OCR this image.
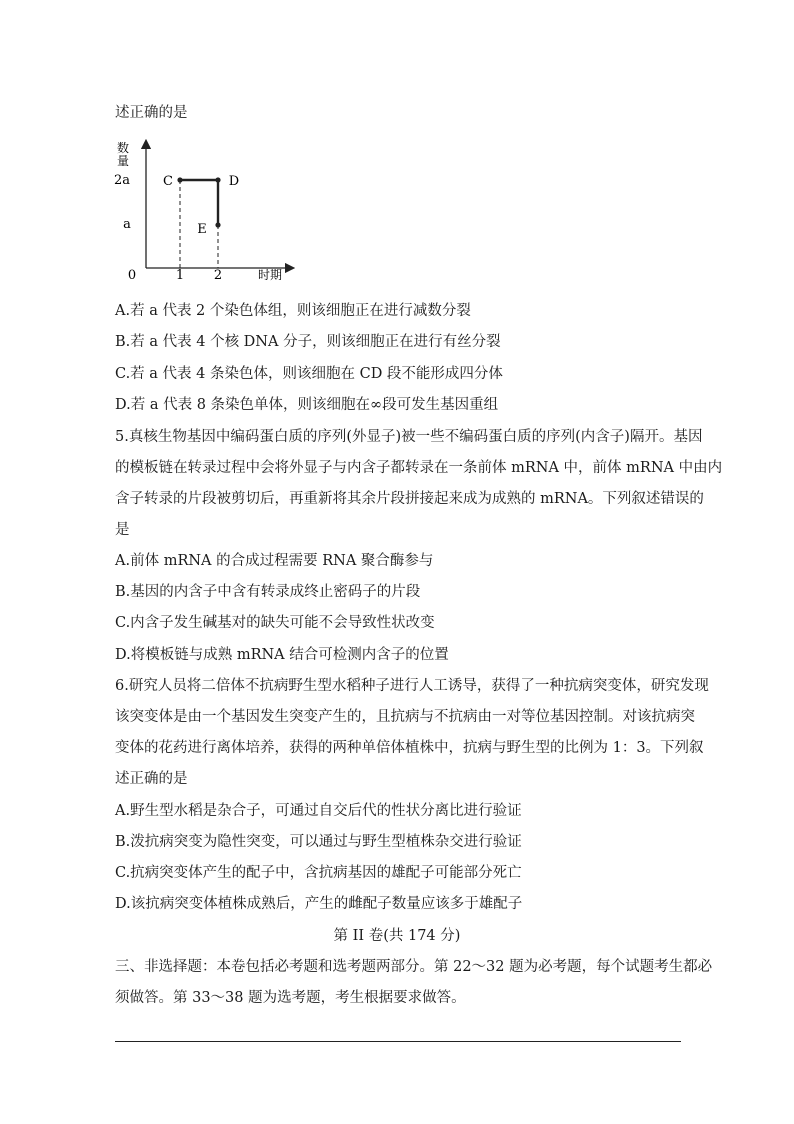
述正确的是
数
量
2a
a
0	1 2	时期
C	D
E
A.若 a 代表 2 个染色体组，则该细胞正在进行减数分裂
B.若 a 代表 4 个核 DNA 分子，则该细胞正在进行有丝分裂
C.若 a 代表 4 条染色体，则该细胞在 CD 段不能形成四分体
D.若 a 代表 8 条染色单体，则该细胞在∞段可发生基因重组
5.真核生物基因中编码蛋白质的序列(外显子)被一些不编码蛋白质的序列(内含子)隔开。基因
的模板链在转录过程中会将外显子与内含子都转录在一条前体 mRNA 中，前体 mRNA 中由内
含子转录的片段被剪切后，再重新将其余片段拼接起来成为成熟的 mRNA。下列叙述错误的
是
A.前体 mRNA 的合成过程需要 RNA 聚合酶参与
B.基因的内含子中含有转录成终止密码子的片段
C.内含子发生碱基对的缺失可能不会导致性状改变
D.将模板链与成熟 mRNA 结合可检测内含子的位置
6.研究人员将二倍体不抗病野生型水稻种子进行人工诱导，获得了一种抗病突变体，研究发现
该突变体是由一个基因发生突变产生的，且抗病与不抗病由一对等位基因控制。对该抗病突
变体的花药进行离体培养，获得的两种单倍体植株中，抗病与野生型的比例为 1：3。下列叙
述正确的是
A.野生型水稻是杂合子，可通过自交后代的性状分离比进行验证
B.泼抗病突变为隐性突变，可以通过与野生型植株杂交进行验证
C.抗病突变体产生的配子中，含抗病基因的雄配子可能部分死亡
D.该抗病突变体植株成熟后，产生的雌配子数量应该多于雄配子
第 II 卷(共 174 分)
三、非选择题：本卷包括必考题和选考题两部分。第 22～32 题为必考题，每个试题考生都必
须做答。第 33～38 题为选考题，考生根据要求做答。
